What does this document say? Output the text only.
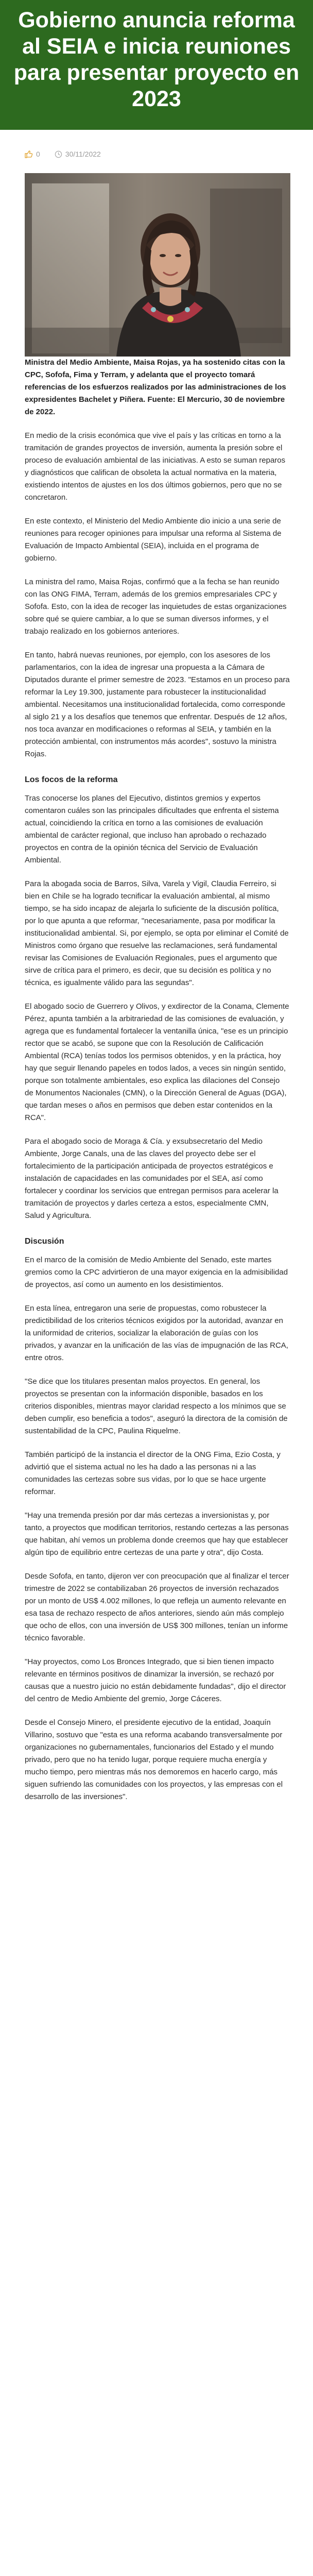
Gobierno anuncia reforma al SEIA e inicia reuniones para presentar proyecto en 2023
0	30/11/2022

Ministra del Medio Ambiente, Maisa Rojas, ya ha sostenido citas con la CPC, Sofofa, Fima y Terram, y adelanta que el proyecto tomará referencias de los esfuerzos realizados por las administraciones de los expresidentes Bachelet y Piñera. Fuente: El Mercurio, 30 de noviembre de 2022.

En medio de la crisis económica que vive el país y las críticas en torno a la tramitación de grandes proyectos de inversión, aumenta la presión sobre el proceso de evaluación ambiental de las iniciativas. A esto se suman reparos y diagnósticos que califican de obsoleta la actual normativa en la materia, existiendo intentos de ajustes en los dos últimos gobiernos, pero que no se concretaron.

En este contexto, el Ministerio del Medio Ambiente dio inicio a una serie de reuniones para recoger opiniones para impulsar una reforma al Sistema de Evaluación de Impacto Ambiental (SEIA), incluida en el programa de gobierno.

La ministra del ramo, Maisa Rojas, confirmó que a la fecha se han reunido con las ONG FIMA, Terram, además de los gremios empresariales CPC y Sofofa. Esto, con la idea de recoger las inquietudes de estas organizaciones sobre qué se quiere cambiar, a lo que se suman diversos informes, y el trabajo realizado en los gobiernos anteriores.

En tanto, habrá nuevas reuniones, por ejemplo, con los asesores de los parlamentarios, con la idea de ingresar una propuesta a la Cámara de Diputados durante el primer semestre de 2023. "Estamos en un proceso para reformar la Ley 19.300, justamente para robustecer la institucionalidad ambiental. Necesitamos una institucionalidad fortalecida, como corresponde al siglo 21 y a los desafíos que tenemos que enfrentar. Después de 12 años, nos toca avanzar en modificaciones o reformas al SEIA, y también en la protección ambiental, con instrumentos más acordes", sostuvo la ministra Rojas.

Los focos de la reforma

Tras conocerse los planes del Ejecutivo, distintos gremios y expertos comentaron cuáles son las principales dificultades que enfrenta el sistema actual, coincidiendo la crítica en torno a las comisiones de evaluación ambiental de carácter regional, que incluso han aprobado o rechazado proyectos en contra de la opinión técnica del Servicio de Evaluación Ambiental.

Para la abogada socia de Barros, Silva, Varela y Vigil, Claudia Ferreiro, si bien en Chile se ha logrado tecnificar la evaluación ambiental, al mismo tiempo, se ha sido incapaz de alejarla lo suficiente de la discusión política, por lo que apunta a que reformar, "necesariamente, pasa por modificar la institucionalidad ambiental. Si, por ejemplo, se opta por eliminar el Comité de Ministros como órgano que resuelve las reclamaciones, será fundamental revisar las Comisiones de Evaluación Regionales, pues el argumento que sirve de crítica para el primero, es decir, que su decisión es política y no técnica, es igualmente válido para las segundas".

El abogado socio de Guerrero y Olivos, y exdirector de la Conama, Clemente Pérez, apunta también a la arbitrariedad de las comisiones de evaluación, y agrega que es fundamental fortalecer la ventanilla única, "ese es un principio rector que se acabó, se supone que con la Resolución de Calificación Ambiental (RCA) tenías todos los permisos obtenidos, y en la práctica, hoy hay que seguir llenando papeles en todos lados, a veces sin ningún sentido, porque son totalmente ambientales, eso explica las dilaciones del Consejo de Monumentos Nacionales (CMN), o la Dirección General de Aguas (DGA), que tardan meses o años en permisos que deben estar contenidos en la RCA".

Para el abogado socio de Moraga & Cía. y exsubsecretario del Medio Ambiente, Jorge Canals, una de las claves del proyecto debe ser el fortalecimiento de la participación anticipada de proyectos estratégicos e instalación de capacidades en las comunidades por el SEA, así como fortalecer y coordinar los servicios que entregan permisos para acelerar la tramitación de proyectos y darles certeza a estos, especialmente CMN, Salud y Agricultura.

Discusión

En el marco de la comisión de Medio Ambiente del Senado, este martes gremios como la CPC advirtieron de una mayor exigencia en la admisibilidad de proyectos, así como un aumento en los desistimientos.

En esta línea, entregaron una serie de propuestas, como robustecer la predictibilidad de los criterios técnicos exigidos por la autoridad, avanzar en la uniformidad de criterios, socializar la elaboración de guías con los privados, y avanzar en la unificación de las vías de impugnación de las RCA, entre otros.

"Se dice que los titulares presentan malos proyectos. En general, los proyectos se presentan con la información disponible, basados en los criterios disponibles, mientras mayor claridad respecto a los mínimos que se deben cumplir, eso beneficia a todos", aseguró la directora de la comisión de sustentabilidad de la CPC, Paulina Riquelme.

También participó de la instancia el director de la ONG Fima, Ezio Costa, y advirtió que el sistema actual no les ha dado a las personas ni a las comunidades las certezas sobre sus vidas, por lo que se hace urgente reformar.

"Hay una tremenda presión por dar más certezas a inversionistas y, por tanto, a proyectos que modifican territorios, restando certezas a las personas que habitan, ahí vemos un problema donde creemos que hay que establecer algún tipo de equilibrio entre certezas de una parte y otra", dijo Costa.

Desde Sofofa, en tanto, dijeron ver con preocupación que al finalizar el tercer trimestre de 2022 se contabilizaban 26 proyectos de inversión rechazados por un monto de US$ 4.002 millones, lo que refleja un aumento relevante en esa tasa de rechazo respecto de años anteriores, siendo aún más complejo que ocho de ellos, con una inversión de US$ 300 millones, tenían un informe técnico favorable.

"Hay proyectos, como Los Bronces Integrado, que si bien tienen impacto relevante en términos positivos de dinamizar la inversión, se rechazó por causas que a nuestro juicio no están debidamente fundadas", dijo el director del centro de Medio Ambiente del gremio, Jorge Cáceres.

Desde el Consejo Minero, el presidente ejecutivo de la entidad, Joaquín Villarino, sostuvo que "esta es una reforma acabando transversalmente por organizaciones no gubernamentales, funcionarios del Estado y el mundo privado, pero que no ha tenido lugar, porque requiere mucha energía y mucho tiempo, pero mientras más nos demoremos en hacerlo cargo, más siguen sufriendo las comunidades con los proyectos, y las empresas con el desarrollo de las inversiones".
